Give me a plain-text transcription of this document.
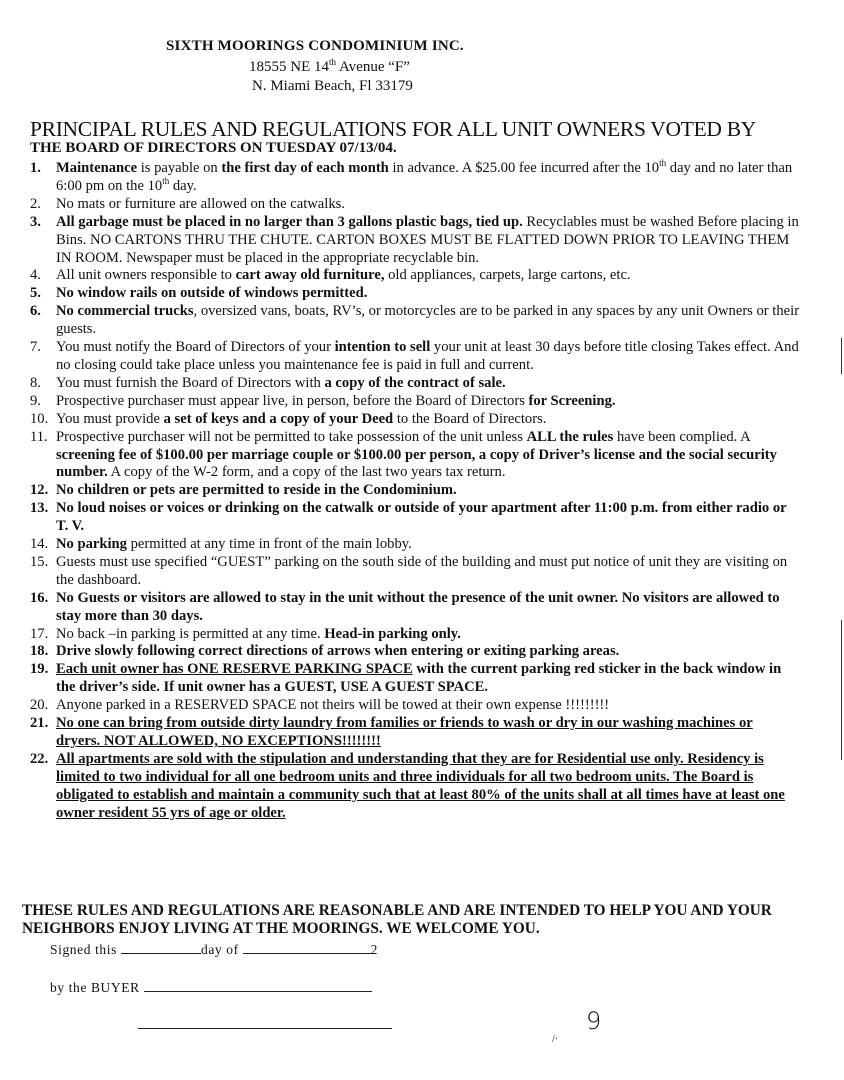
SIXTH MOORINGS CONDOMINIUM INC.
18555 NE 14th Avenue “F”
N. Miami Beach, Fl 33179
PRINCIPAL RULES AND REGULATIONS FOR ALL UNIT OWNERS VOTED BY
THE BOARD OF DIRECTORS ON TUESDAY 07/13/04.

1. Maintenance is payable on the first day of each month in advance. A $25.00 fee incurred after the 10th day and no later than 6:00 pm on the 10th day.

2. No mats or furniture are allowed on the catwalks.

3. All garbage must be placed in no larger than 3 gallons plastic bags, tied up. Recyclables must be washed Before placing in Bins. NO CARTONS THRU THE CHUTE. CARTON BOXES MUST BE FLATTED DOWN PRIOR TO LEAVING THEM IN ROOM. Newspaper must be placed in the appropriate recyclable bin.

4. All unit owners responsible to cart away old furniture, old appliances, carpets, large cartons, etc.

5. No window rails on outside of windows permitted.

6. No commercial trucks, oversized vans, boats, RV’s, or motorcycles are to be parked in any spaces by any unit Owners or their guests.

7. You must notify the Board of Directors of your intention to sell your unit at least 30 days before title closing Takes effect. And no closing could take place unless you maintenance fee is paid in full and current.

8. You must furnish the Board of Directors with a copy of the contract of sale.

9. Prospective purchaser must appear live, in person, before the Board of Directors for Screening.

10. You must provide a set of keys and a copy of your Deed to the Board of Directors.

11. Prospective purchaser will not be permitted to take possession of the unit unless ALL the rules have been complied. A screening fee of $100.00 per marriage couple or $100.00 per person, a copy of Driver’s license and the social security number. A copy of the W-2 form, and a copy of the last two years tax return.

12. No children or pets are permitted to reside in the Condominium.

13. No loud noises or voices or drinking on the catwalk or outside of your apartment after 11:00 p.m. from either radio or T. V.

14. No parking permitted at any time in front of the main lobby.

15. Guests must use specified “GUEST” parking on the south side of the building and must put notice of unit they are visiting on the dashboard.

16. No Guests or visitors are allowed to stay in the unit without the presence of the unit owner. No visitors are allowed to stay more than 30 days.

17. No back –in parking is permitted at any time. Head-in parking only.

18. Drive slowly following correct directions of arrows when entering or exiting parking areas.

19. Each unit owner has ONE RESERVE PARKING SPACE with the current parking red sticker in the back window in the driver’s side. If unit owner has a GUEST, USE A GUEST SPACE.

20. Anyone parked in a RESERVED SPACE not theirs will be towed at their own expense !!!!!!!!!

21. No one can bring from outside dirty laundry from families or friends to wash or dry in our washing machines or dryers. NOT ALLOWED, NO EXCEPTIONS!!!!!!!!

22. All apartments are sold with the stipulation and understanding that they are for Residential use only. Residency is limited to two individual for all one bedroom units and three individuals for all two bedroom units. The Board is obligated to establish and maintain a community such that at least 80% of the units shall at all times have at least one owner resident 55 yrs of age or older.

THESE RULES AND REGULATIONS ARE REASONABLE AND ARE INTENDED TO HELP YOU AND YOUR NEIGHBORS ENJOY LIVING AT THE MOORINGS. WE WELCOME YOU.
Signed this	day of	2
by the BUYER
9
/·
